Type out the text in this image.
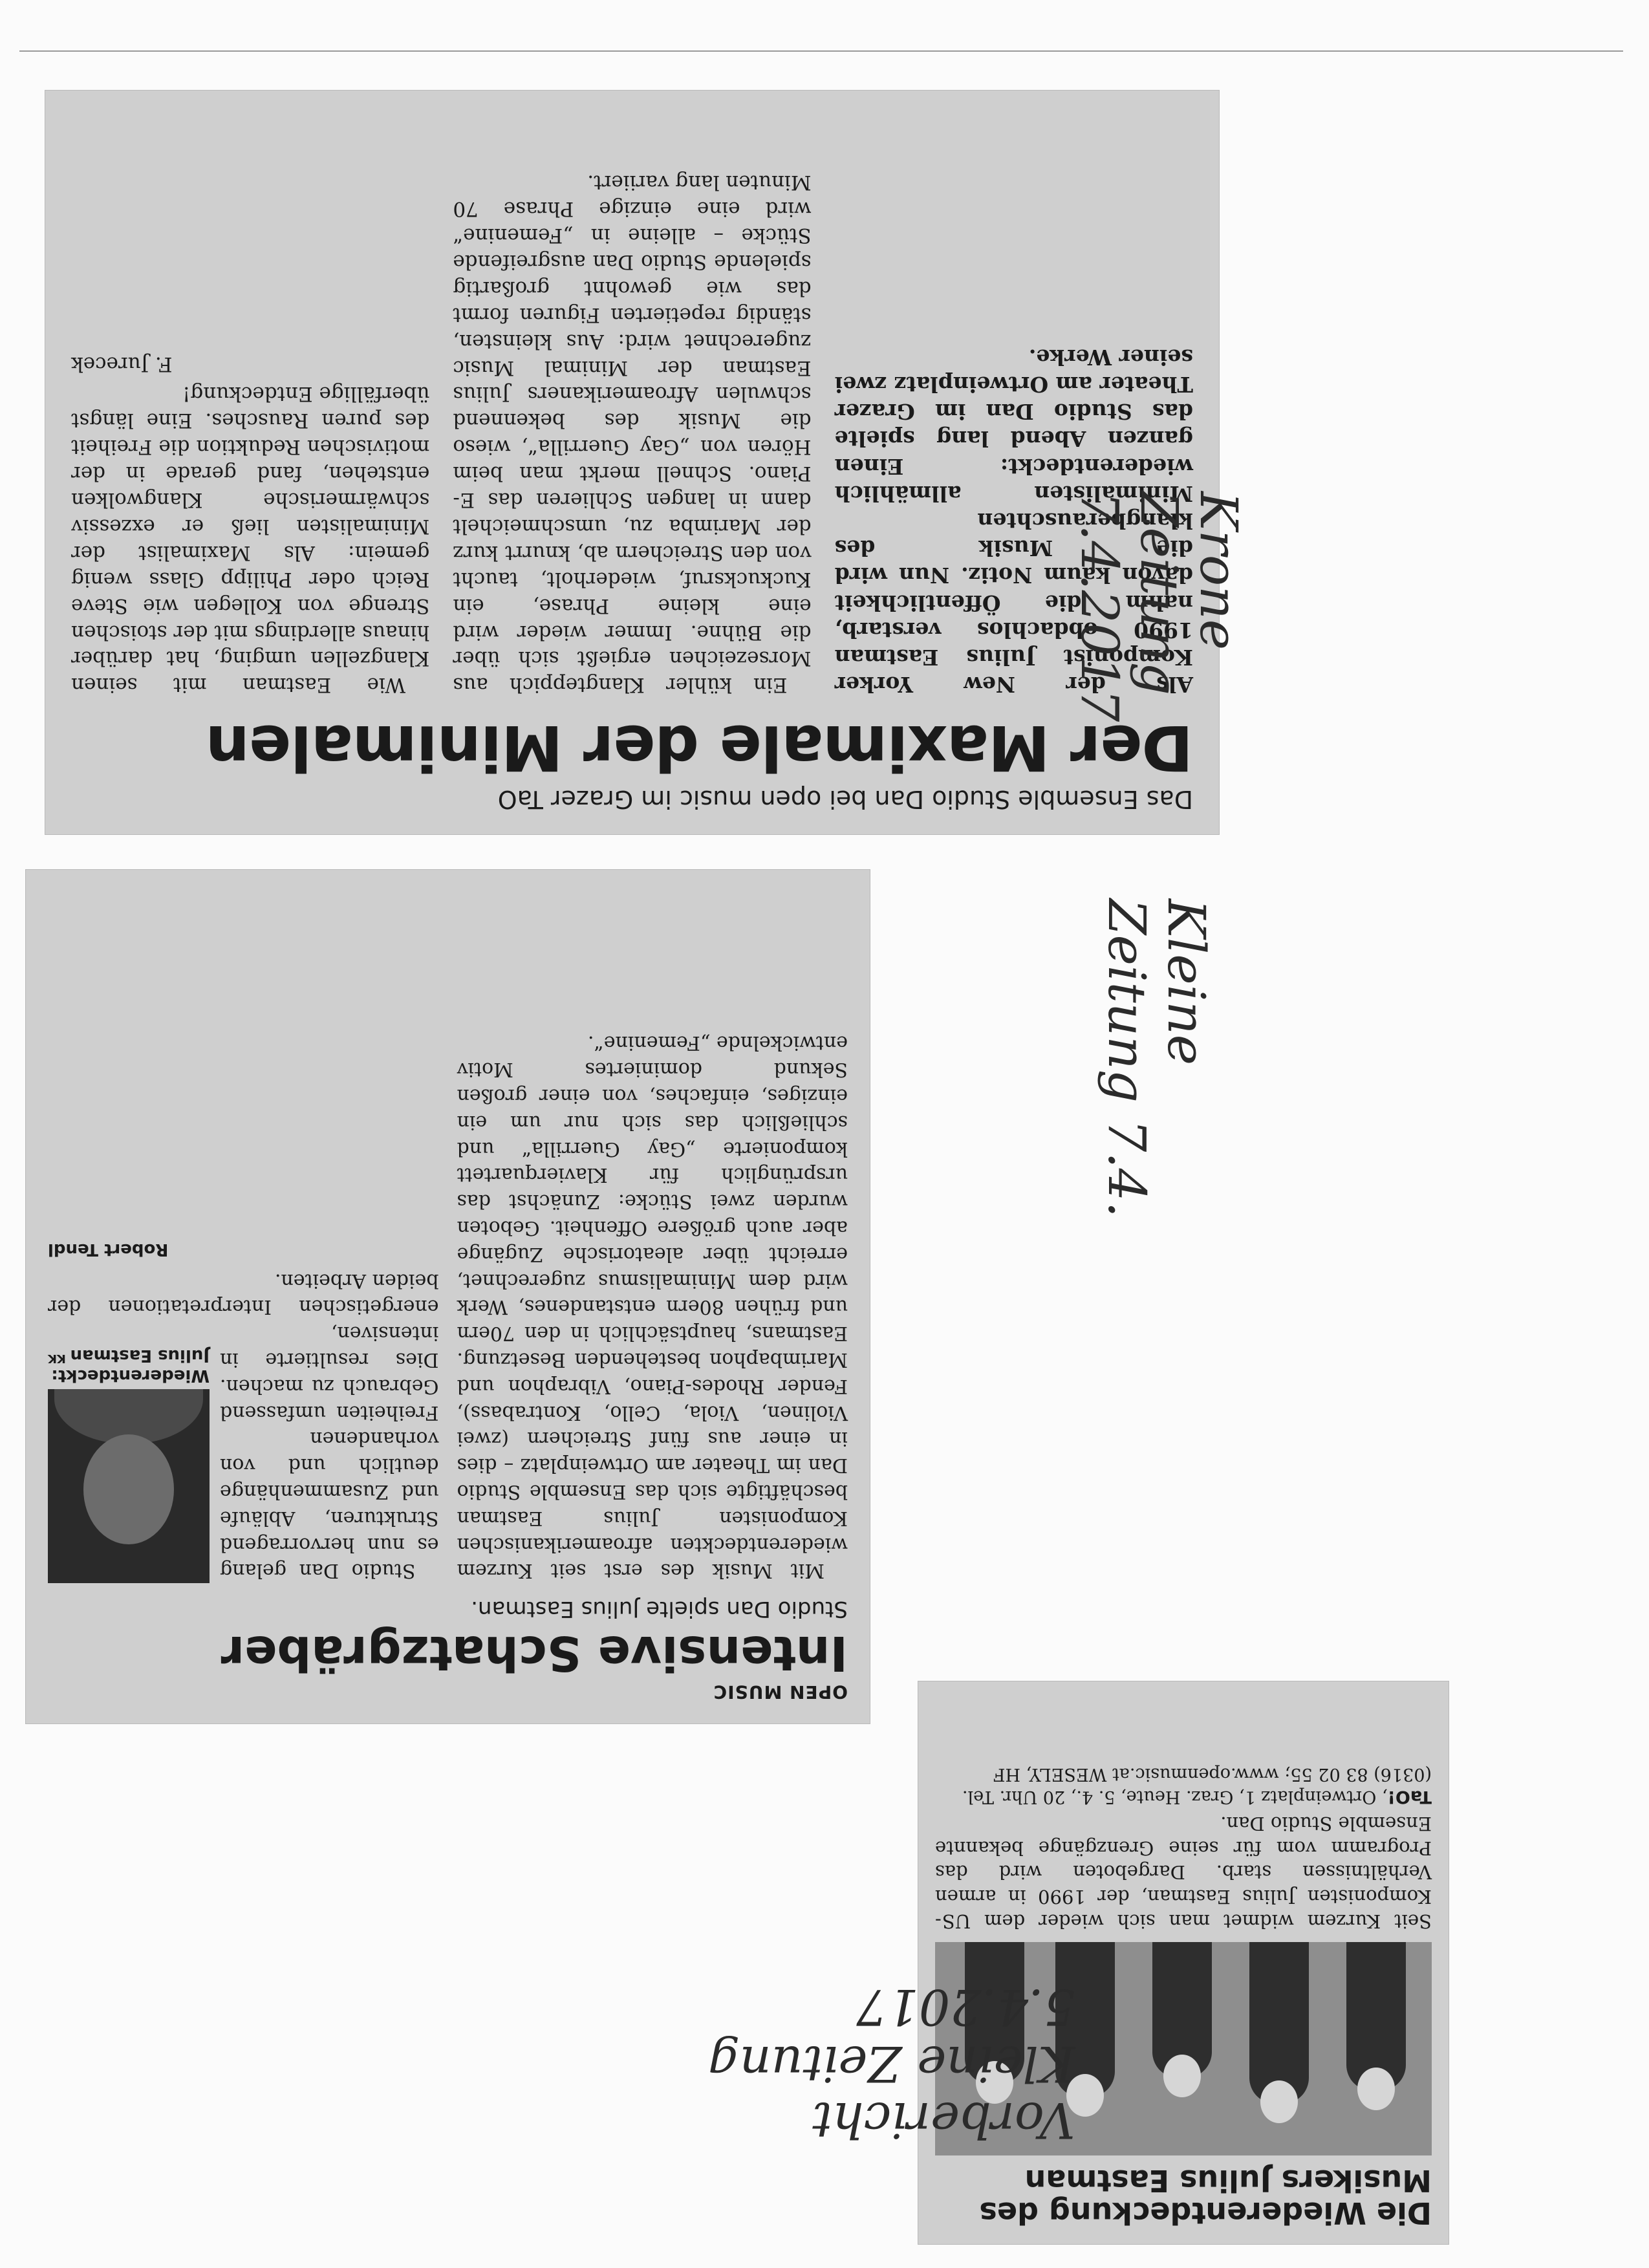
Das Ensemble Studio Dan bei open music im Grazer TaO
Der Maximale der Minimalen

Als der New Yorker Komponist Julius Eastman 1990 obdachlos verstarb, nahm die Öffentlichkeit davon kaum Notiz. Nun wird die Musik des klangberauschten Minimalisten allmählich wiederentdeckt: Einen ganzen Abend lang spielte das Studio Dan im Grazer Theater am Ortweinplatz zwei seiner Werke.

Ein kühler Klangteppich aus Morsezeichen ergießt sich über die Bühne. Immer wieder wird eine kleine Phrase, ein Kuckucksruf, wiederholt, taucht von den Streichern ab, knurrt kurz der Marimba zu, umschmeichelt dann in langen Schlieren das E-Piano. Schnell merkt man beim Hören von „Gay Guerrilla“, wieso die Musik des bekennend schwulen Afroamerikaners Julius Eastman der Minimal Music zugerechnet wird: Aus kleinsten, ständig repetierten Figuren formt das wie gewohnt großartig spielende Studio Dan ausgreifende Stücke – alleine in „Femenine“ wird eine einzige Phrase 70 Minuten lang variiert.

Wie Eastman mit seinen Klangzellen umging, hat darüber hinaus allerdings mit der stoischen Strenge von Kollegen wie Steve Reich oder Philipp Glass wenig gemein: Als Maximalist der Minimalisten ließ er exzessiv schwärmerische Klangwolken entstehen, fand gerade in der motivischen Reduktion die Freiheit des puren Rausches. Eine längst überfällige Entdeckung!

F. Jurecek
OPEN MUSIC
Intensive Schatzgräber
Studio Dan spielte Julius Eastman.

Mit Musik des erst seit Kurzem wiederentdeckten afroamerikanischen Komponisten Julius Eastman beschäftigte sich das Ensemble Studio Dan im Theater am Ortweinplatz – dies in einer aus fünf Streichern (zwei Violinen, Viola, Cello, Kontrabass), Fender Rhodes-Piano, Vibraphon und Marimbaphon bestehenden Besetzung. Eastmans, hauptsächlich in den 70ern und frühen 80ern entstandenes, Werk wird dem Minimalismus zugerechnet, erreicht über aleatorische Zugänge aber auch größere Offenheit. Geboten wurden zwei Stücke: Zunächst das ursprünglich für Klavierquartett komponierte „Gay Guerrilla“ und schließlich das sich nur um ein einziges, einfaches, von einer großen Sekund dominiertes Motiv entwickelnde „Femenine“.

Wiederentdeckt: Julius Eastman
KK

Studio Dan gelang es nun hervorragend Strukturen, Abläufe und Zusammenhänge deutlich und von vorhandenen Freiheiten umfassend Gebrauch zu machen. Dies resultierte in intensiven, energetischen Interpretationen der beiden Arbeiten.

Robert Tendl
Die Wiederentdeckung des Musikers Julius Eastman
Seit Kurzem widmet man sich wieder dem US-Komponisten Julius Eastman, der 1990 in armen Verhältnissen starb. Dargeboten wird das Programm vom für seine Grenzgänge bekannte Ensemble Studio Dan.
TaO!, Ortweinplatz 1, Graz. Heute, 5. 4., 20 Uhr. Tel. (0316) 83 02 55; www.openmusic.at WESELY, HF
Krone
Zeitung
7.4.2017
Kleine
Zeitung 7.4.
Vorbericht
Kleine Zeitung
5.4.2017
